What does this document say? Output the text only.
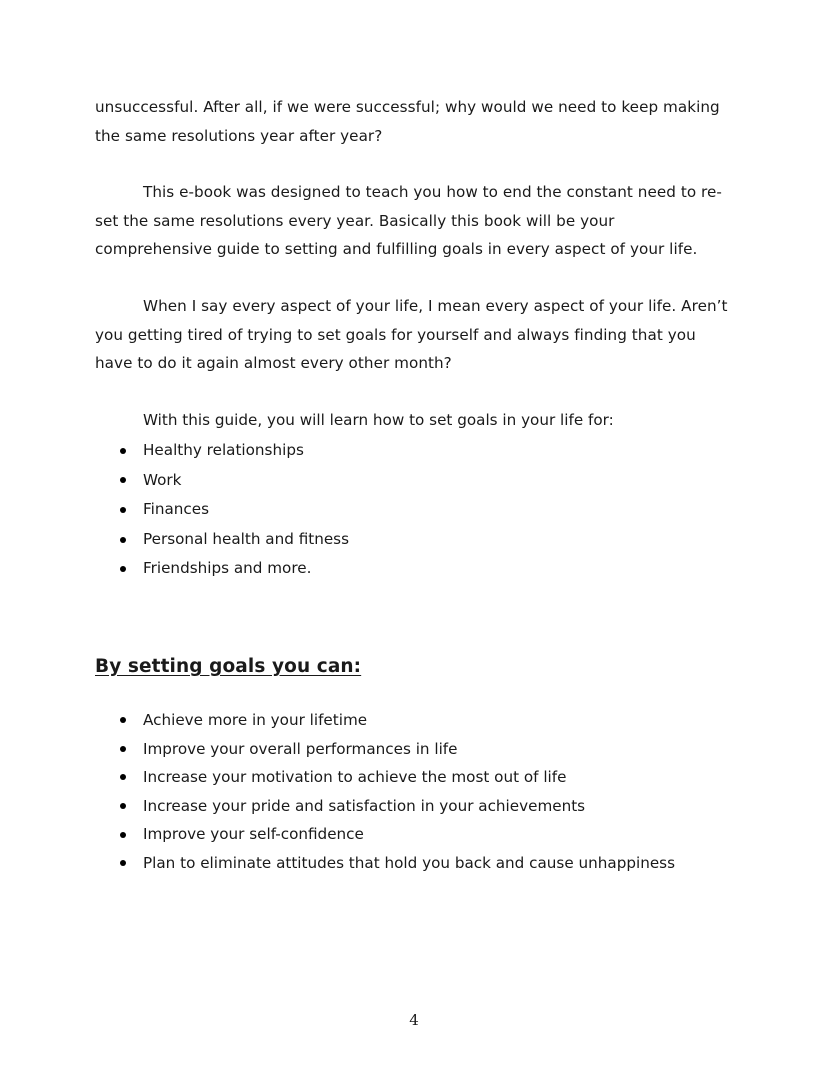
unsuccessful. After all, if we were successful; why would we need to keep making the same resolutions year after year?
This e-book was designed to teach you how to end the constant need to re-set the same resolutions every year. Basically this book will be your comprehensive guide to setting and fulfilling goals in every aspect of your life.
When I say every aspect of your life, I mean every aspect of your life. Aren’t you getting tired of trying to set goals for yourself and always finding that you have to do it again almost every other month?
With this guide, you will learn how to set goals in your life for:
Healthy relationships
Work
Finances
Personal health and fitness
Friendships and more.
By setting goals you can:
Achieve more in your lifetime
Improve your overall performances in life
Increase your motivation to achieve the most out of life
Increase your pride and satisfaction in your achievements
Improve your self-confidence
Plan to eliminate attitudes that hold you back and cause unhappiness
4
